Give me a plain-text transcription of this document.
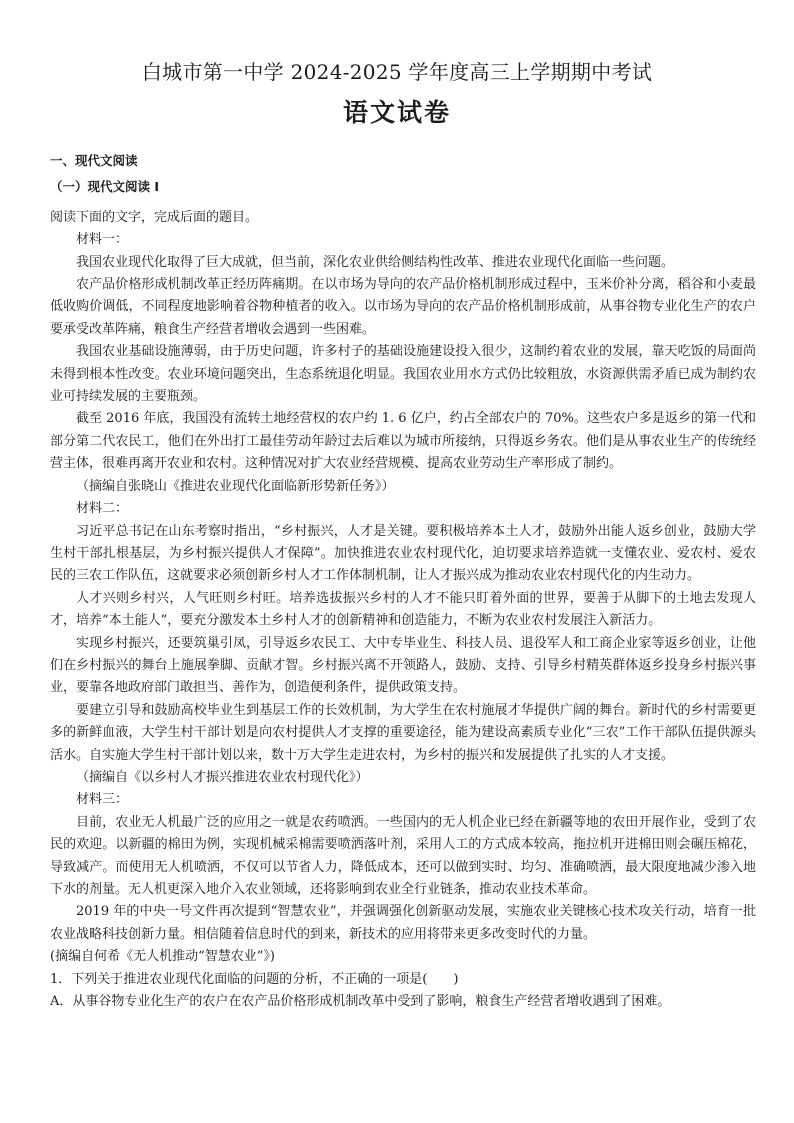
白城市第一中学 2024-2025 学年度高三上学期期中考试
语文试卷

一、现代文阅读

（一）现代文阅读 I

阅读下面的文字，完成后面的题目。

材料一：

我国农业现代化取得了巨大成就，但当前，深化农业供给侧结构性改革、推进农业现代化面临一些问题。

农产品价格形成机制改革正经历阵痛期。在以市场为导向的农产品价格机制形成过程中，玉米价补分离，稻谷和小麦最低收购价调低，不同程度地影响着谷物种植者的收入。以市场为导向的农产品价格机制形成前，从事谷物专业化生产的农户要承受改革阵痛，粮食生产经营者增收会遇到一些困难。

我国农业基础设施薄弱，由于历史问题，许多村子的基础设施建设投入很少，这制约着农业的发展，靠天吃饭的局面尚未得到根本性改变。农业环境问题突出，生态系统退化明显。我国农业用水方式仍比较粗放，水资源供需矛盾已成为制约农业可持续发展的主要瓶颈。

截至 2016 年底，我国没有流转土地经营权的农户约 1. 6 亿户，约占全部农户的 70%。这些农户多是返乡的第一代和部分第二代农民工，他们在外出打工最佳劳动年龄过去后难以为城市所接纳，只得返乡务农。他们是从事农业生产的传统经营主体，很难再离开农业和农村。这种情况对扩大农业经营规模、提高农业劳动生产率形成了制约。

（摘编自张晓山《推进农业现代化面临新形势新任务》）

材料二：

习近平总书记在山东考察时指出，“乡村振兴，人才是关键。要积极培养本土人才，鼓励外出能人返乡创业，鼓励大学生村干部扎根基层，为乡村振兴提供人才保障”。加快推进农业农村现代化，迫切要求培养造就一支懂农业、爱农村、爱农民的三农工作队伍，这就要求必须创新乡村人才工作体制机制，让人才振兴成为推动农业农村现代化的内生动力。

人才兴则乡村兴，人气旺则乡村旺。培养选拔振兴乡村的人才不能只盯着外面的世界，要善于从脚下的土地去发现人才，培养“本土能人”，要充分激发本土乡村人才的创新精神和创造能力，不断为农业农村发展注入新活力。

实现乡村振兴，还要筑巢引凤，引导返乡农民工、大中专毕业生、科技人员、退役军人和工商企业家等返乡创业，让他们在乡村振兴的舞台上施展拳脚、贡献才智。乡村振兴离不开领路人，鼓励、支持、引导乡村精英群体返乡投身乡村振兴事业，要靠各地政府部门敢担当、善作为，创造便利条件，提供政策支持。

要建立引导和鼓励高校毕业生到基层工作的长效机制，为大学生在农村施展才华提供广阔的舞台。新时代的乡村需要更多的新鲜血液，大学生村干部计划是向农村提供人才支撑的重要途径，能为建设高素质专业化“三农”工作干部队伍提供源头活水。自实施大学生村干部计划以来，数十万大学生走进农村，为乡村的振兴和发展提供了扎实的人才支援。

（摘编自《以乡村人才振兴推进农业农村现代化》）

材料三：

目前，农业无人机最广泛的应用之一就是农药喷洒。一些国内的无人机企业已经在新疆等地的农田开展作业，受到了农民的欢迎。以新疆的棉田为例，实现机械采棉需要喷洒落叶剂，采用人工的方式成本较高，拖拉机开进棉田则会碾压棉花，导致减产。而使用无人机喷洒，不仅可以节省人力，降低成本，还可以做到实时、均匀、准确喷洒，最大限度地减少渗入地下水的剂量。无人机更深入地介入农业领域，还将影响到农业全行业链条，推动农业技术革命。

2019 年的中央一号文件再次提到“智慧农业”，并强调强化创新驱动发展，实施农业关键核心技术攻关行动，培育一批农业战略科技创新力量。相信随着信息时代的到来，新技术的应用将带来更多改变时代的力量。

(摘编自何希《无人机推动“智慧农业”》)

1．下列关于推进农业现代化面临的问题的分析，不正确的一项是(　　)

A．从事谷物专业化生产的农户在农产品价格形成机制改革中受到了影响，粮食生产经营者增收遇到了困难。
